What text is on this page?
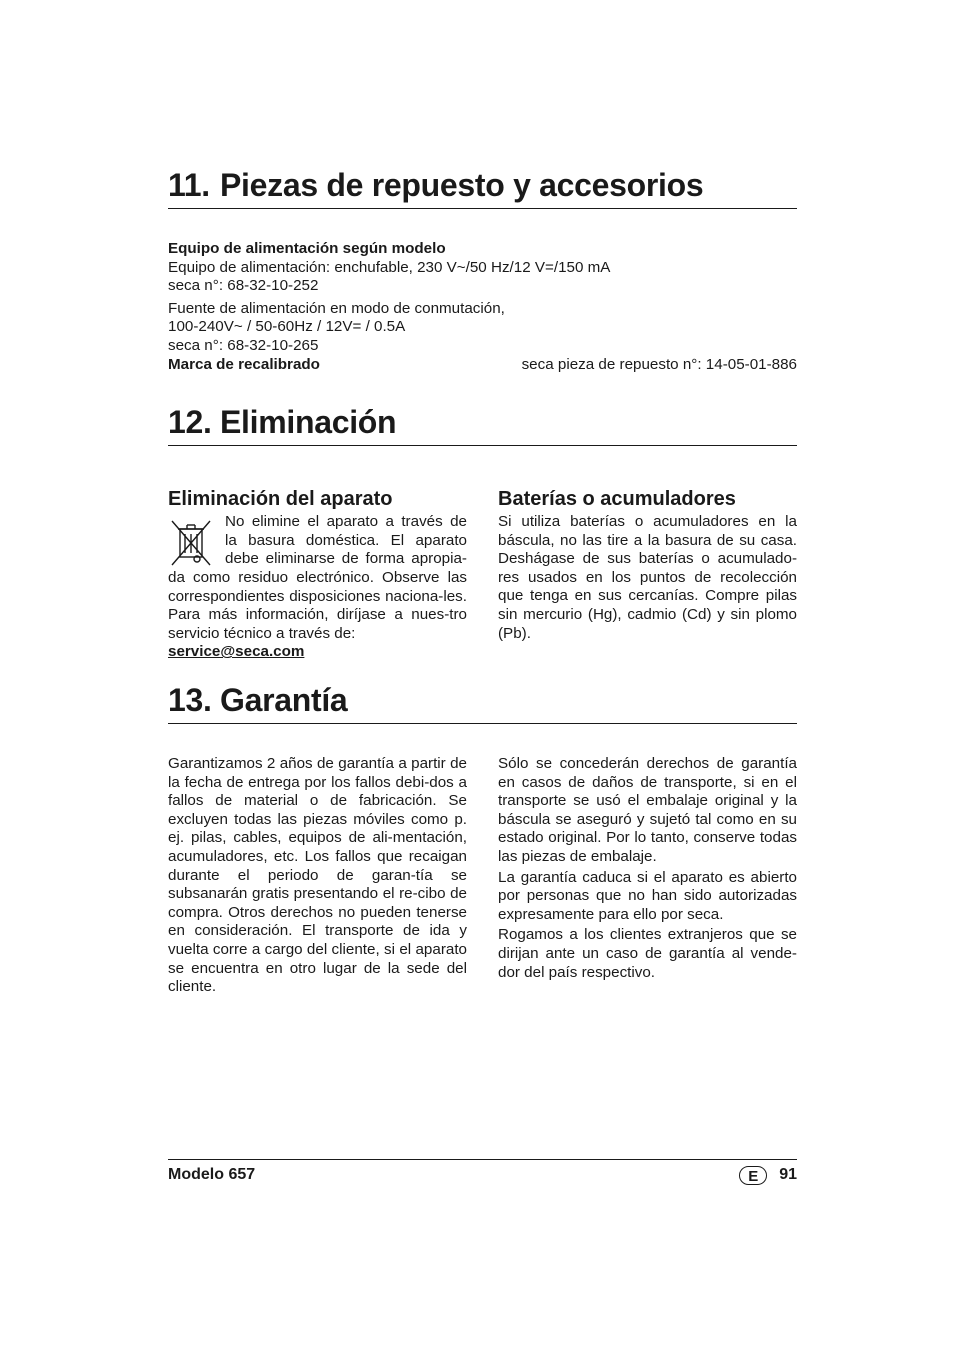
11. Piezas de repuesto y accesorios

Equipo de alimentación según modelo

Equipo de alimentación: enchufable, 230 V~/50 Hz/12 V=/150 mA

seca n°: 68-32-10-252

Fuente de alimentación en modo de conmutación,

100-240V~ / 50-60Hz / 12V= / 0.5A

seca n°: 68-32-10-265

Marca de recalibrado	seca pieza de repuesto n°: 14-05-01-886
12. Eliminación
Eliminación del aparato

No elimine el aparato a través de

la basura doméstica. El aparato

debe eliminarse de forma apropia-

da como residuo electrónico. Observe las correspondientes disposiciones naciona-les. Para más información, diríjase a nues-tro servicio técnico a través de:

service@seca.com
Baterías o acumuladores

Si utiliza baterías o acumuladores en la báscula, no las tire a la basura de su casa. Deshágase de sus baterías o acumulado-res usados en los puntos de recolección que tenga en sus cercanías. Compre pilas sin mercurio (Hg), cadmio (Cd) y sin plomo (Pb).

13. Garantía

Garantizamos 2 años de garantía a partir de la fecha de entrega por los fallos debi-dos a fallos de material o de fabricación. Se excluyen todas las piezas móviles como p. ej. pilas, cables, equipos de ali-mentación, acumuladores, etc. Los fallos que recaigan durante el periodo de garan-tía se subsanarán gratis presentando el re-cibo de compra. Otros derechos no pueden tenerse en consideración. El transporte de ida y vuelta corre a cargo del cliente, si el aparato se encuentra en otro lugar de la sede del cliente.

Sólo se concederán derechos de garantía en casos de daños de transporte, si en el transporte se usó el embalaje original y la báscula se aseguró y sujetó tal como en su estado original. Por lo tanto, conserve todas las piezas de embalaje.

La garantía caduca si el aparato es abierto por personas que no han sido autorizadas expresamente para ello por seca.

Rogamos a los clientes extranjeros que se dirijan ante un caso de garantía al vende-dor del país respectivo.

Modelo 657	E	91
